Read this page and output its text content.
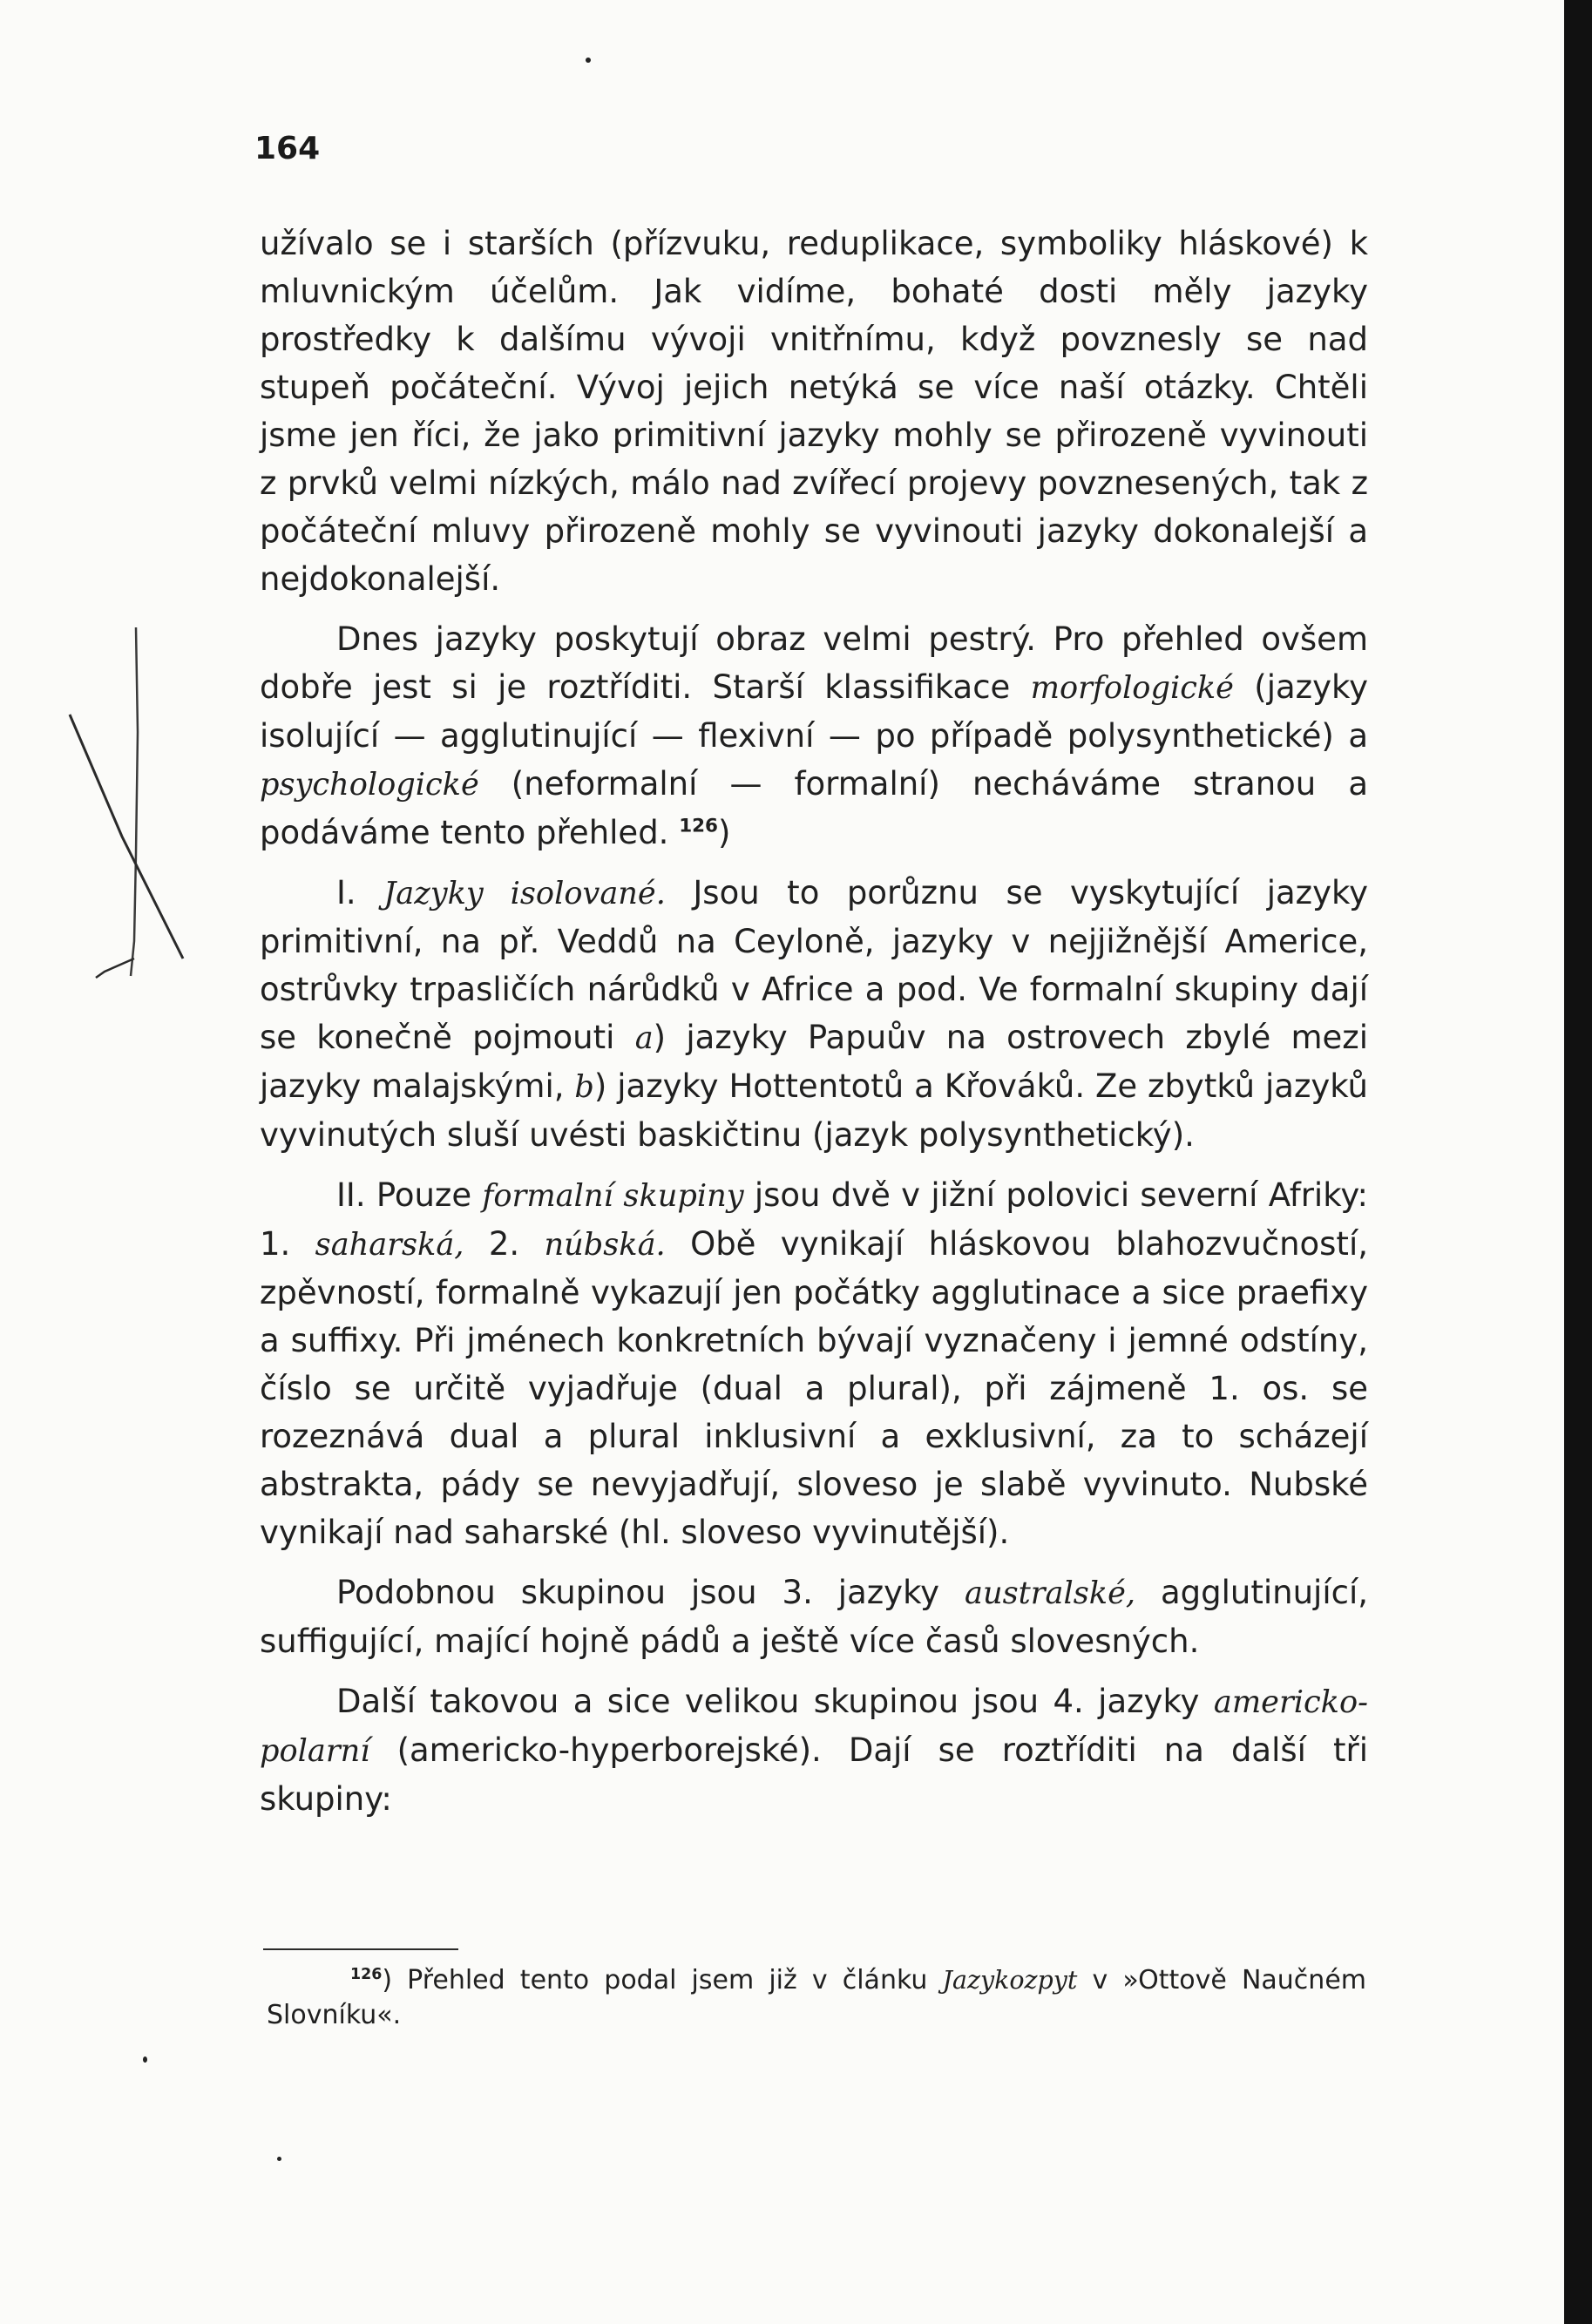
164

užívalo se i starších (přízvuku, reduplikace, symboliky hláskové) k mluvnickým účelům. Jak vidíme, bohaté dosti měly jazyky prostředky k dalšímu vývoji vnitřnímu, když povznesly se nad stupeň počáteční. Vývoj jejich netýká se více naší otázky. Chtěli jsme jen říci, že jako primitivní jazyky mohly se přirozeně vyvinouti z prvků velmi nízkých, málo nad zvířecí projevy povznesených, tak z počáteční mluvy přirozeně mohly se vyvinouti jazyky dokonalejší a nejdokonalejší.

Dnes jazyky poskytují obraz velmi pestrý. Pro přehled ovšem dobře jest si je roztříditi. Starší klassifikace morfologické (jazyky isolující — agglutinující — flexivní — po případě polysynthetické) a psychologické (neformalní — formalní) necháváme stranou a podáváme tento přehled. $^{126}$)

I. Jazyky isolované. Jsou to porůznu se vyskytující jazyky primitivní, na př. Veddů na Ceyloně, jazyky v nejjižnější Americe, ostrůvky trpasličích nárůdků v Africe a pod. Ve formalní skupiny dají se konečně pojmouti a) jazyky Papuův na ostrovech zbylé mezi jazyky malajskými, b) jazyky Hottentotů a Křováků. Ze zbytků jazyků vyvinutých sluší uvésti baskičtinu (jazyk polysynthetický).

II. Pouze formalní skupiny jsou dvě v jižní polovici severní Afriky: 1. saharská, 2. núbská. Obě vynikají hláskovou blahozvučností, zpěvností, formalně vykazují jen počátky agglutinace a sice praefixy a suffixy. Při jménech konkretních bývají vyznačeny i jemné odstíny, číslo se určitě vyjadřuje (dual a plural), při zájmeně 1. os. se rozeznává dual a plural inklusivní a exklusivní, za to scházejí abstrakta, pády se nevyjadřují, sloveso je slabě vyvinuto. Nubské vynikají nad saharské (hl. sloveso vyvinutější).

Podobnou skupinou jsou 3. jazyky australské, agglutinující, suffigující, mající hojně pádů a ještě více časů slovesných.

Další takovou a sice velikou skupinou jsou 4. jazyky americko-polarní (americko-hyperborejské). Dají se roztříditi na další tři skupiny:

$^{126}$) Přehled tento podal jsem již v článku Jazykozpyt v »Ottově Naučném Slovníku«.
